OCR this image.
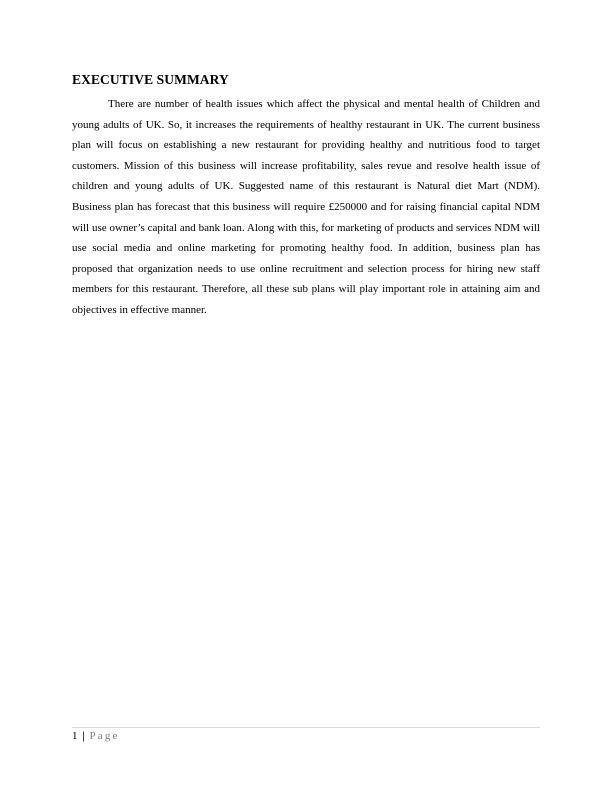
EXECUTIVE SUMMARY

There are number of health issues which affect the physical and mental health of Children and young adults of UK. So, it increases the requirements of healthy restaurant in UK. The current business plan will focus on establishing a new restaurant for providing healthy and nutritious food to target customers. Mission of this business will increase profitability, sales revue and resolve health issue of children and young adults of UK. Suggested name of this restaurant is Natural diet Mart (NDM). Business plan has forecast that this business will require £250000 and for raising financial capital NDM will use owner’s capital and bank loan. Along with this, for marketing of products and services NDM will use social media and online marketing for promoting healthy food. In addition, business plan has proposed that organization needs to use online recruitment and selection process for hiring new staff members for this restaurant. Therefore, all these sub plans will play important role in attaining aim and objectives in effective manner.

1 | Page
